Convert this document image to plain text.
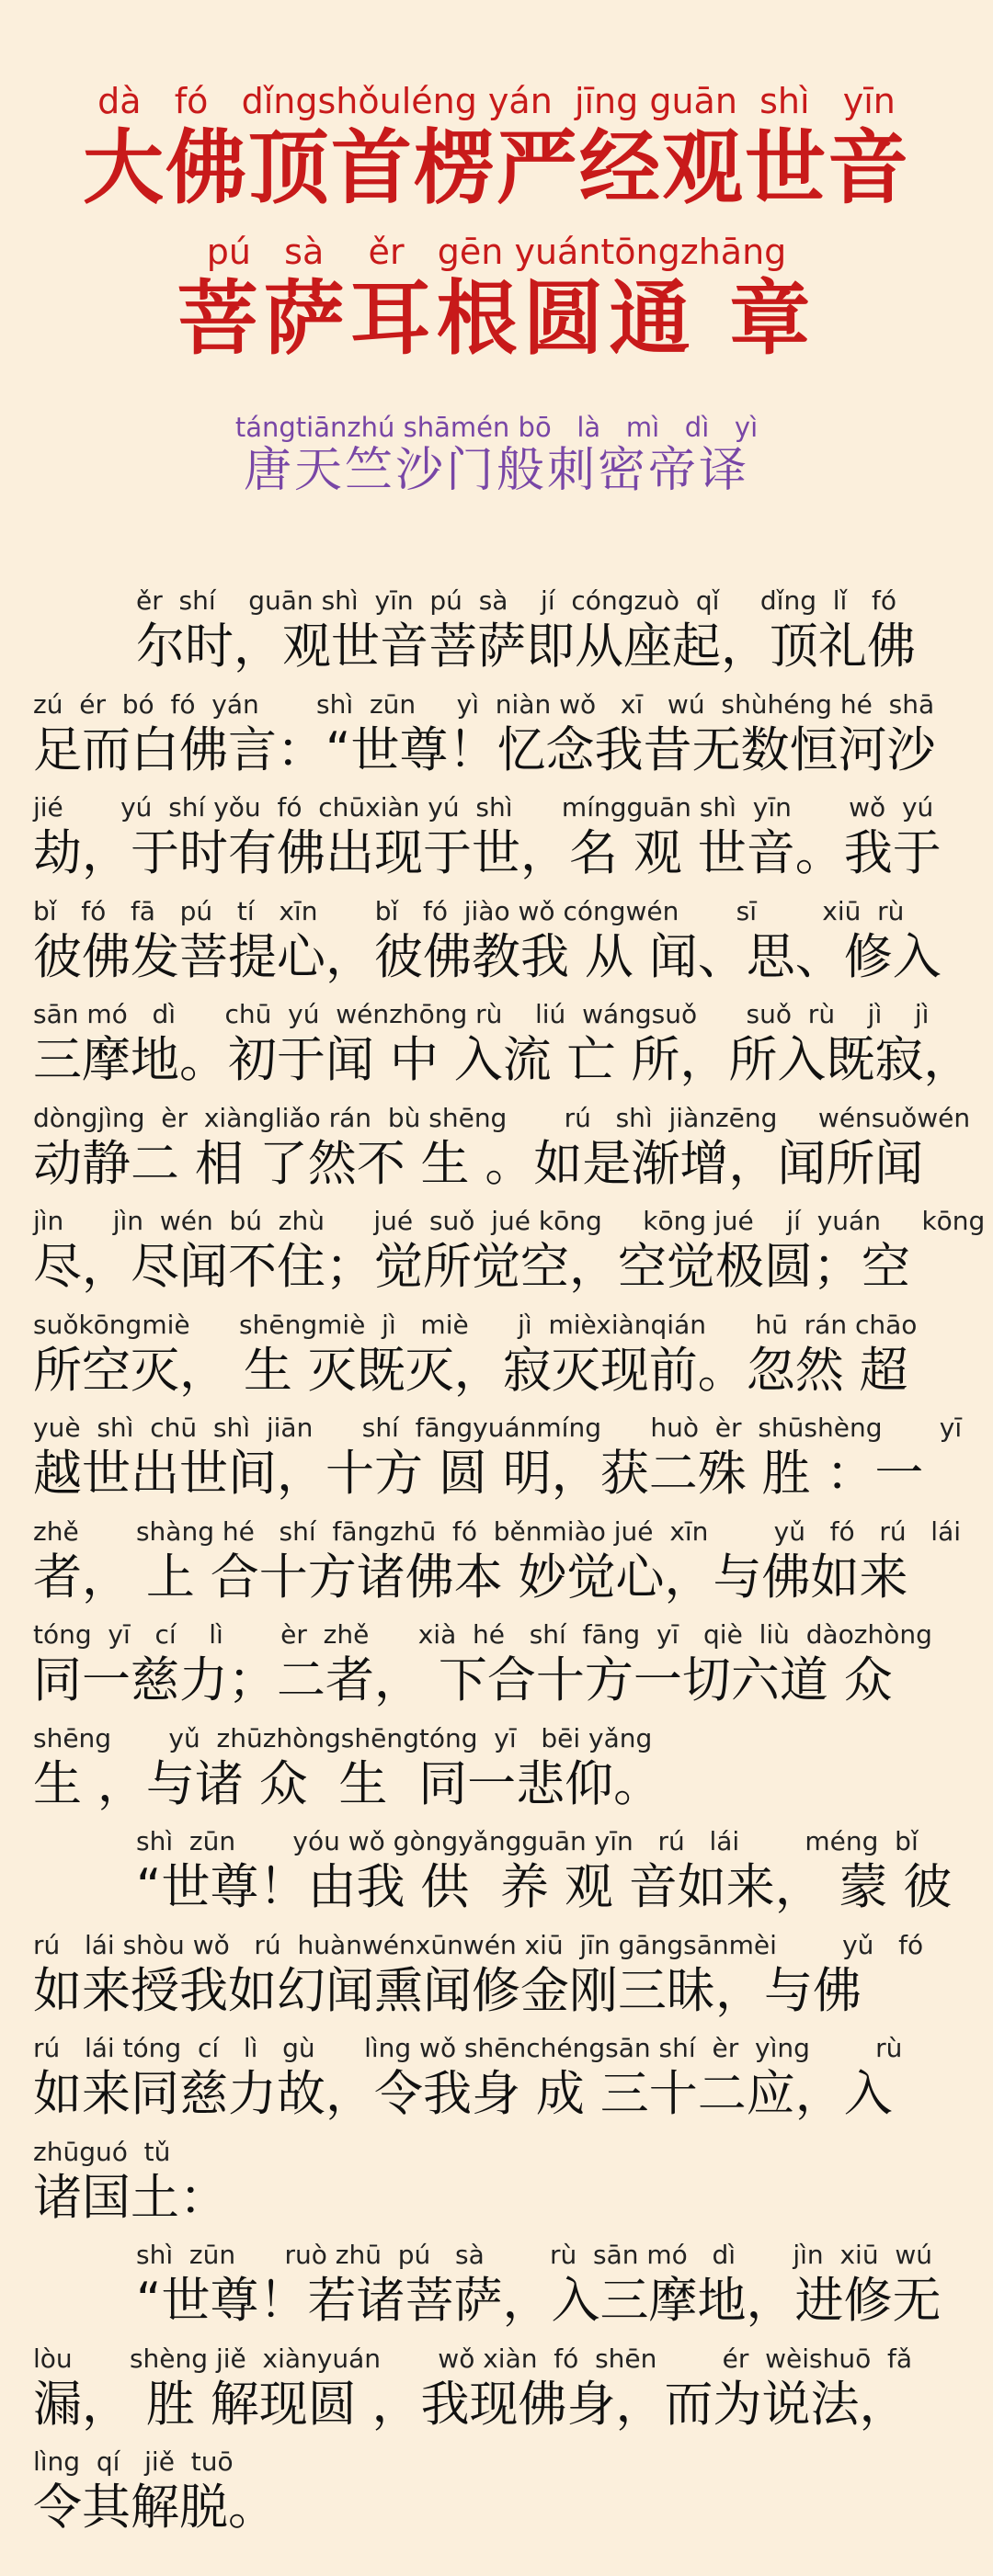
dà   fó   dǐngshǒuléng yán  jīng guān  shì   yīn
大佛顶首楞严经观世音
pú   sà    ěr   gēn yuántōngzhāng
菩萨耳根圆通 章
tángtiānzhú shāmén bō   là   mì   dì   yì
唐天竺沙门般刺密帝译
ěr  shí    guān shì  yīn  pú  sà    jí  cóngzuò  qǐ     dǐng  lǐ   fó
尔时，观世音菩萨即从座起，顶礼佛
zú  ér  bó  fó  yán       shì  zūn     yì  niàn wǒ   xī   wú  shùhéng hé  shā
足而白佛言：“世尊！忆念我昔无数恒河沙
jié       yú  shí yǒu  fó  chūxiàn yú  shì      míngguān shì  yīn       wǒ  yú
劫，于时有佛出现于世，名 观 世音。我于
bǐ   fó   fā   pú   tí   xīn       bǐ   fó  jiào wǒ cóngwén       sī        xiū  rù
彼佛发菩提心，彼佛教我 从 闻、思、修入
sān mó   dì      chū  yú  wénzhōng rù    liú  wángsuǒ      suǒ  rù    jì    jì
三摩地。初于闻 中 入流 亡 所，所入既寂，
dòngjìng  èr  xiàngliǎo rán  bù shēng       rú   shì  jiànzēng     wénsuǒwén
动静二 相 了然不 生 。如是渐增，闻所闻
jìn      jìn  wén  bú  zhù      jué  suǒ  jué kōng     kōng jué    jí  yuán     kōng
尽，尽闻不住；觉所觉空，空觉极圆；空
suǒkōngmiè      shēngmiè  jì   miè      jì  mièxiànqián      hū  rán chāo
所空灭， 生 灭既灭，寂灭现前。忽然 超
yuè  shì  chū  shì  jiān      shí  fāngyuánmíng      huò  èr  shūshèng       yī
越世出世间，十方 圆 明，获二殊 胜 ：一
zhě       shàng hé   shí  fāngzhū  fó  běnmiào jué  xīn        yǔ   fó   rú   lái
者， 上 合十方诸佛本 妙觉心，与佛如来
tóng  yī   cí    lì       èr  zhě      xià  hé   shí  fāng  yī   qiè  liù  dàozhòng
同一慈力；二者， 下合十方一切六道 众
shēng       yǔ  zhūzhòngshēngtóng  yī   bēi yǎng
生 ，与诸 众  生  同一悲仰。
shì  zūn       yóu wǒ gòngyǎngguān yīn   rú   lái        méng  bǐ
“世尊！由我 供  养 观 音如来， 蒙 彼
rú   lái shòu wǒ   rú  huànwénxūnwén xiū  jīn gāngsānmèi        yǔ   fó
如来授我如幻闻熏闻修金刚三昧，与佛
rú   lái tóng  cí   lì   gù      lìng wǒ shēnchéngsān shí  èr  yìng        rù
如来同慈力故，令我身 成 三十二应，入
zhūguó  tǔ
诸国土：
shì  zūn      ruò zhū  pú   sà        rù  sān mó   dì       jìn  xiū  wú
“世尊！若诸菩萨，入三摩地，进修无
lòu       shèng jiě  xiànyuán       wǒ xiàn  fó  shēn        ér  wèishuō  fǎ
漏， 胜 解现圆 ，我现佛身，而为说法，
lìng  qí   jiě  tuō
令其解脱。
